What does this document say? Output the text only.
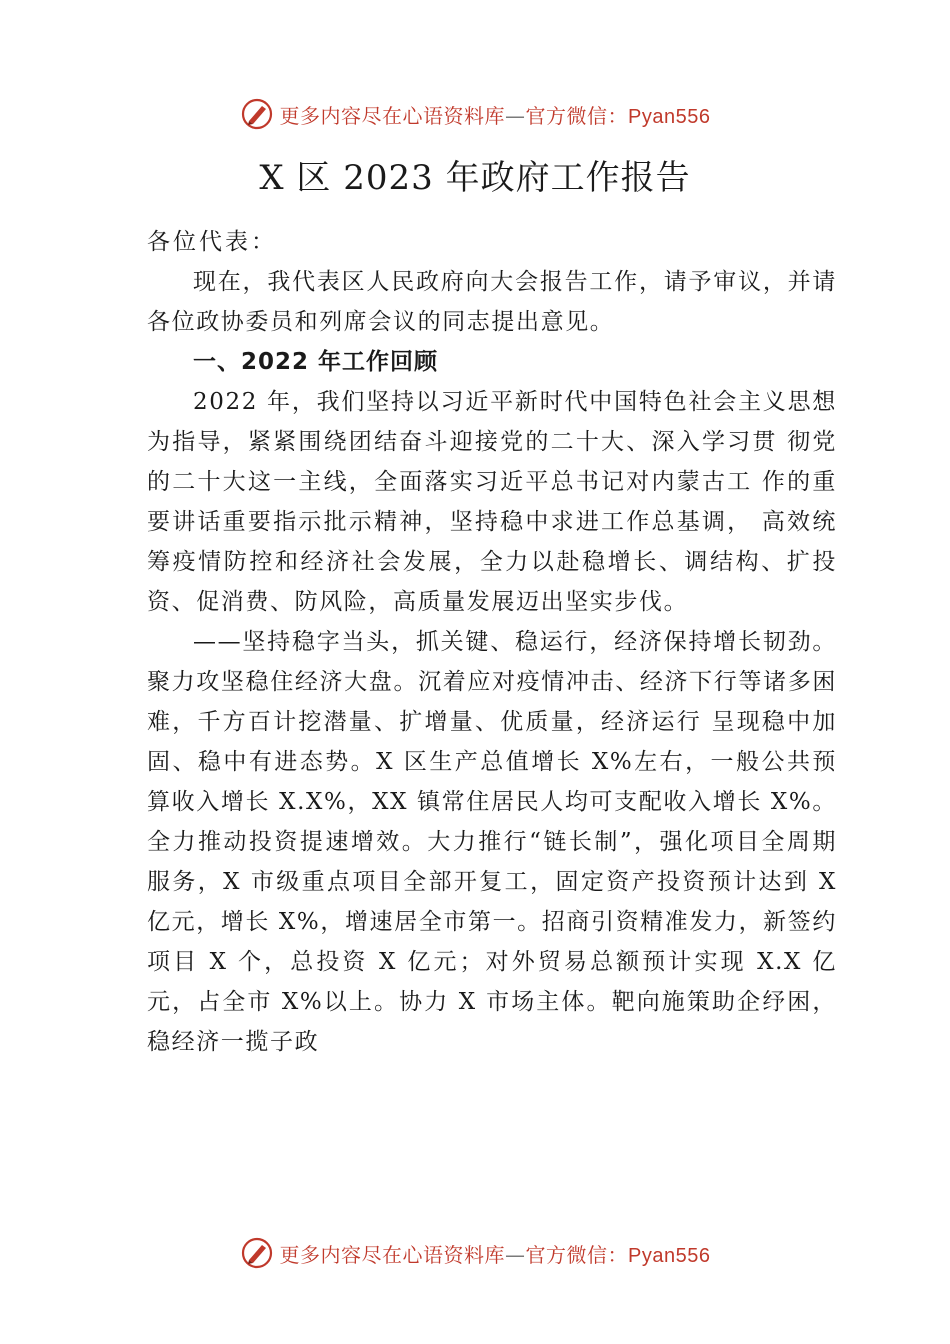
更多内容尽在心语资料库—官方微信：Pyan556
X 区 2023 年政府工作报告

各位代表：

现在，我代表区人民政府向大会报告工作，请予审议，并请各位政协委员和列席会议的同志提出意见。

一、2022 年工作回顾

2022 年，我们坚持以习近平新时代中国特色社会主义思想为指导，紧紧围绕团结奋斗迎接党的二十大、深入学习贯 彻党的二十大这一主线，全面落实习近平总书记对内蒙古工 作的重要讲话重要指示批示精神，坚持稳中求进工作总基调， 高效统筹疫情防控和经济社会发展，全力以赴稳增长、调结构、扩投资、促消费、防风险，高质量发展迈出坚实步伐。

——坚持稳字当头，抓关键、稳运行，经济保持增长韧劲。聚力攻坚稳住经济大盘。沉着应对疫情冲击、经济下行等诸多困难，千方百计挖潜量、扩增量、优质量，经济运行 呈现稳中加固、稳中有进态势。X 区生产总值增长 X%左右，一般公共预算收入增长 X.X%，XX 镇常住居民人均可支配收入增长 X%。全力推动投资提速增效。大力推行“链长制”，强化项目全周期服务，X 市级重点项目全部开复工，固定资产投资预计达到 X 亿元，增长 X%，增速居全市第一。招商引资精准发力，新签约项目 X 个，总投资 X 亿元；对外贸易总额预计实现 X.X 亿元，占全市 X%以上。协力 X 市场主体。靶向施策助企纾困，稳经济一揽子政

更多内容尽在心语资料库—官方微信：Pyan556
